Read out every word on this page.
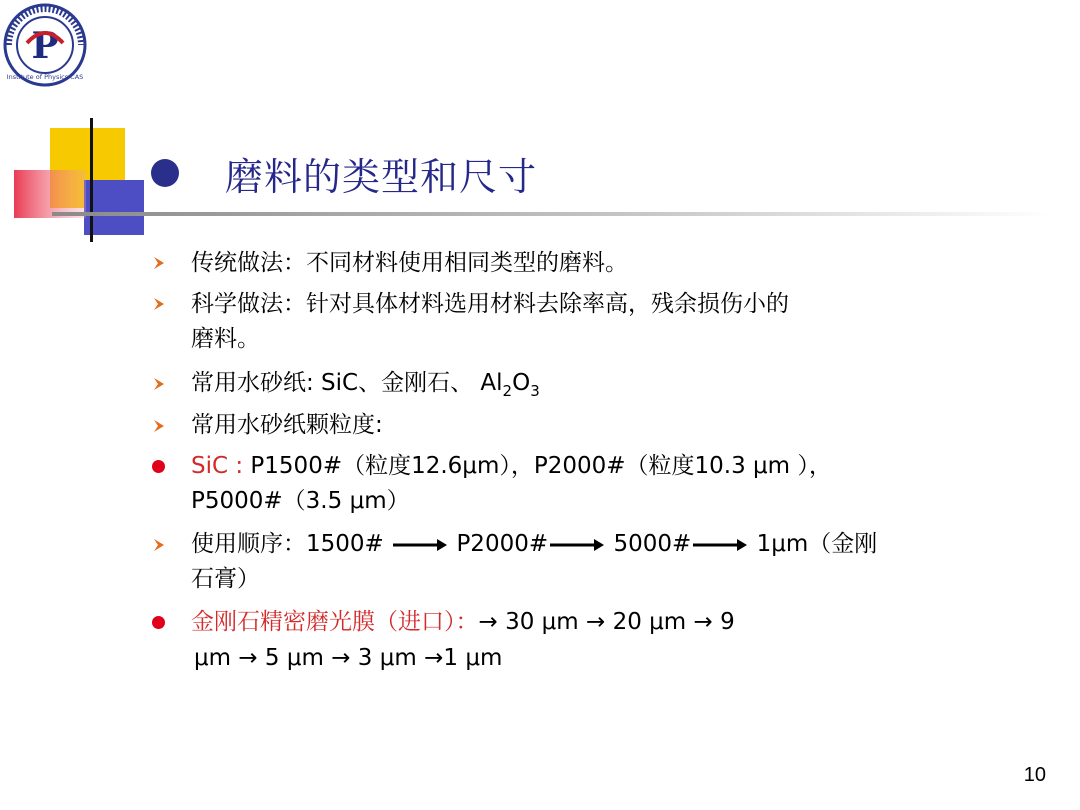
P
Institute of Physics CAS
磨料的类型和尺寸
传统做法：不同材料使用相同类型的磨料。
科学做法：针对具体材料选用材料去除率高，残余损伤小的
磨料。
常用水砂纸: SiC、金刚石、 $Al_2O_3$
常用水砂纸颗粒度:
SiC : P1500#（粒度12.6μm），P2000#（粒度10.3 μm ），
P5000#（3.5 μm）
使用顺序：1500#	P2000#	5000#	1μm（金刚
石膏）
金刚石精密磨光膜（进口）：→ 30 μm → 20 μm → 9
μm → 5 μm → 3 μm →1 μm
10
